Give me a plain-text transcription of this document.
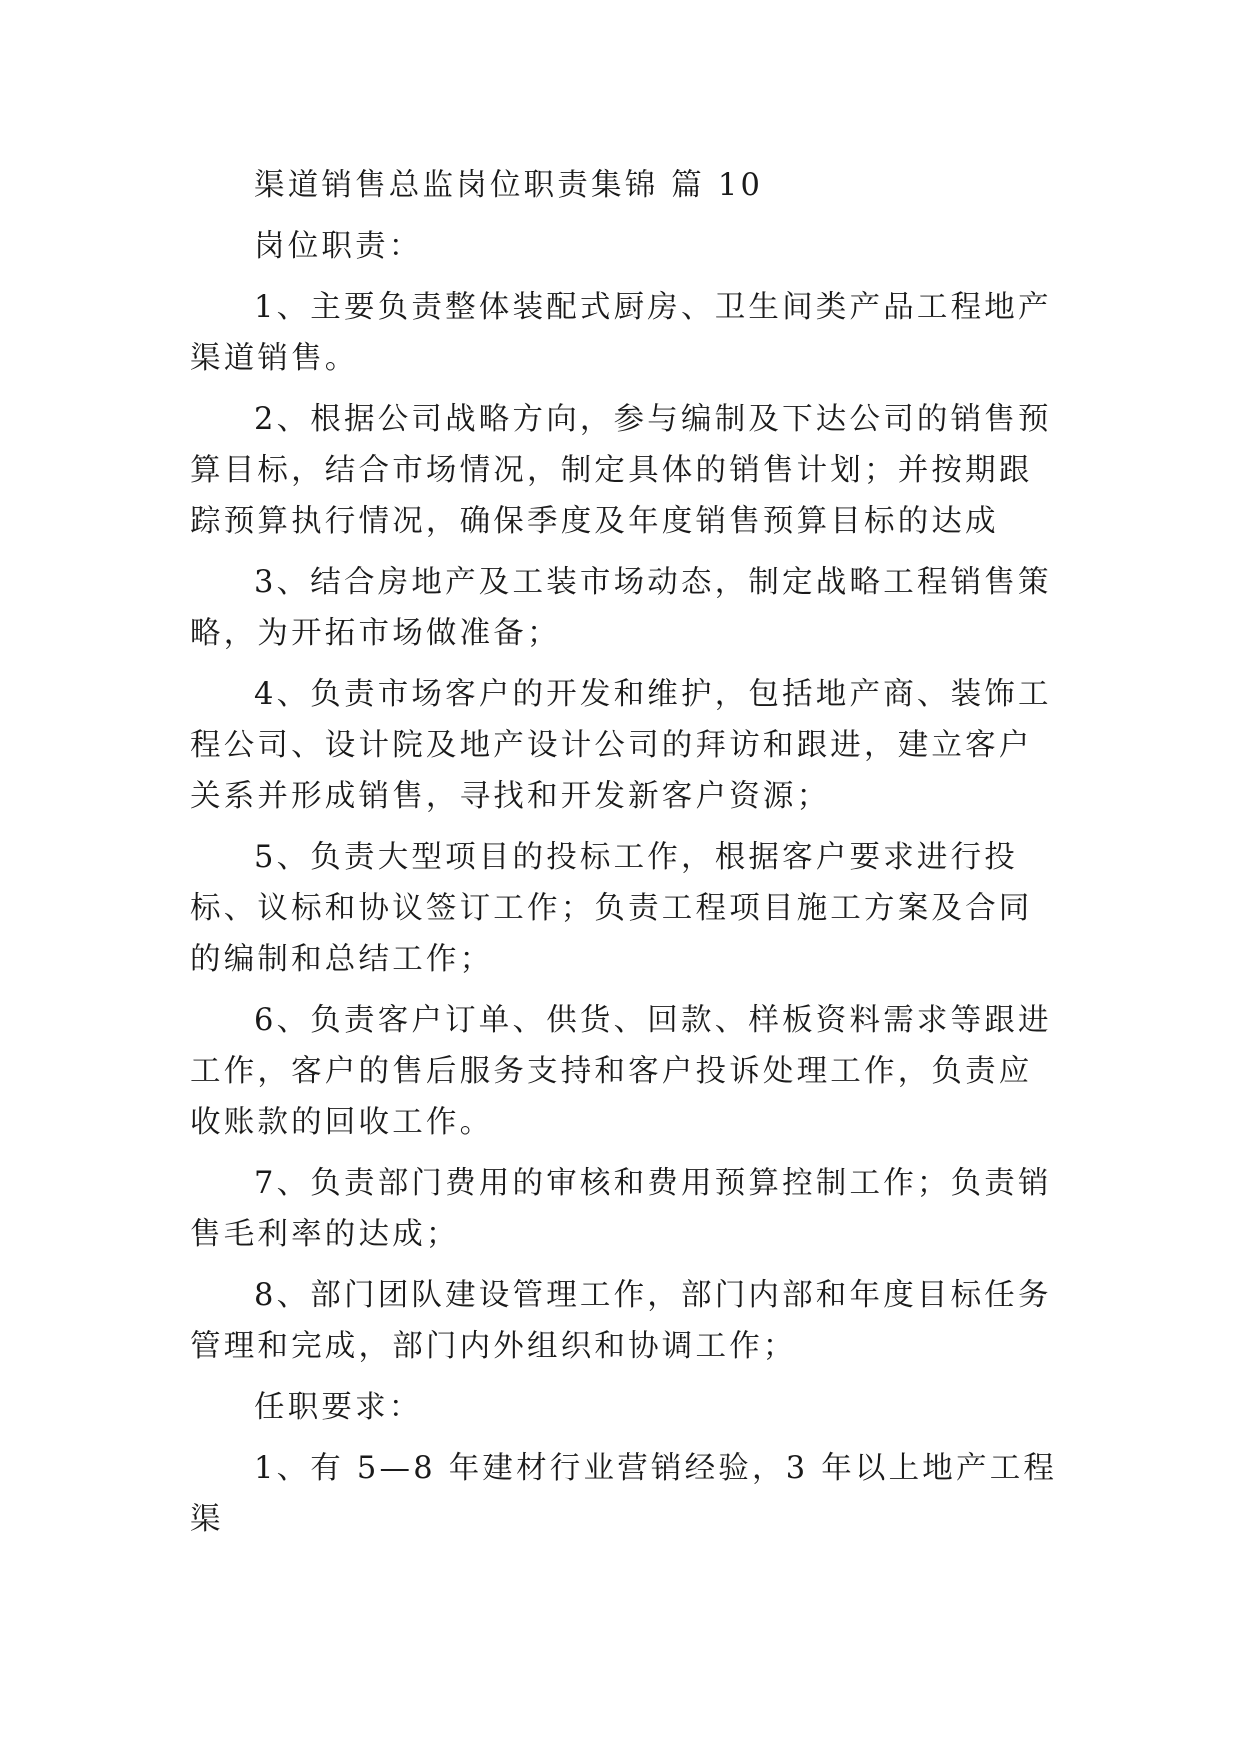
渠道销售总监岗位职责集锦 篇 10

岗位职责：

1、主要负责整体装配式厨房、卫生间类产品工程地产渠道销售。

2、根据公司战略方向，参与编制及下达公司的销售预算目标，结合市场情况，制定具体的销售计划；并按期跟踪预算执行情况，确保季度及年度销售预算目标的达成

3、结合房地产及工装市场动态，制定战略工程销售策略，为开拓市场做准备；

4、负责市场客户的开发和维护，包括地产商、装饰工程公司、设计院及地产设计公司的拜访和跟进，建立客户关系并形成销售，寻找和开发新客户资源；

5、负责大型项目的投标工作，根据客户要求进行投标、议标和协议签订工作；负责工程项目施工方案及合同的编制和总结工作；

6、负责客户订单、供货、回款、样板资料需求等跟进工作，客户的售后服务支持和客户投诉处理工作，负责应收账款的回收工作。

7、负责部门费用的审核和费用预算控制工作；负责销售毛利率的达成；

8、部门团队建设管理工作，部门内部和年度目标任务管理和完成，部门内外组织和协调工作；

任职要求：

1、有 5—8 年建材行业营销经验，3 年以上地产工程渠
